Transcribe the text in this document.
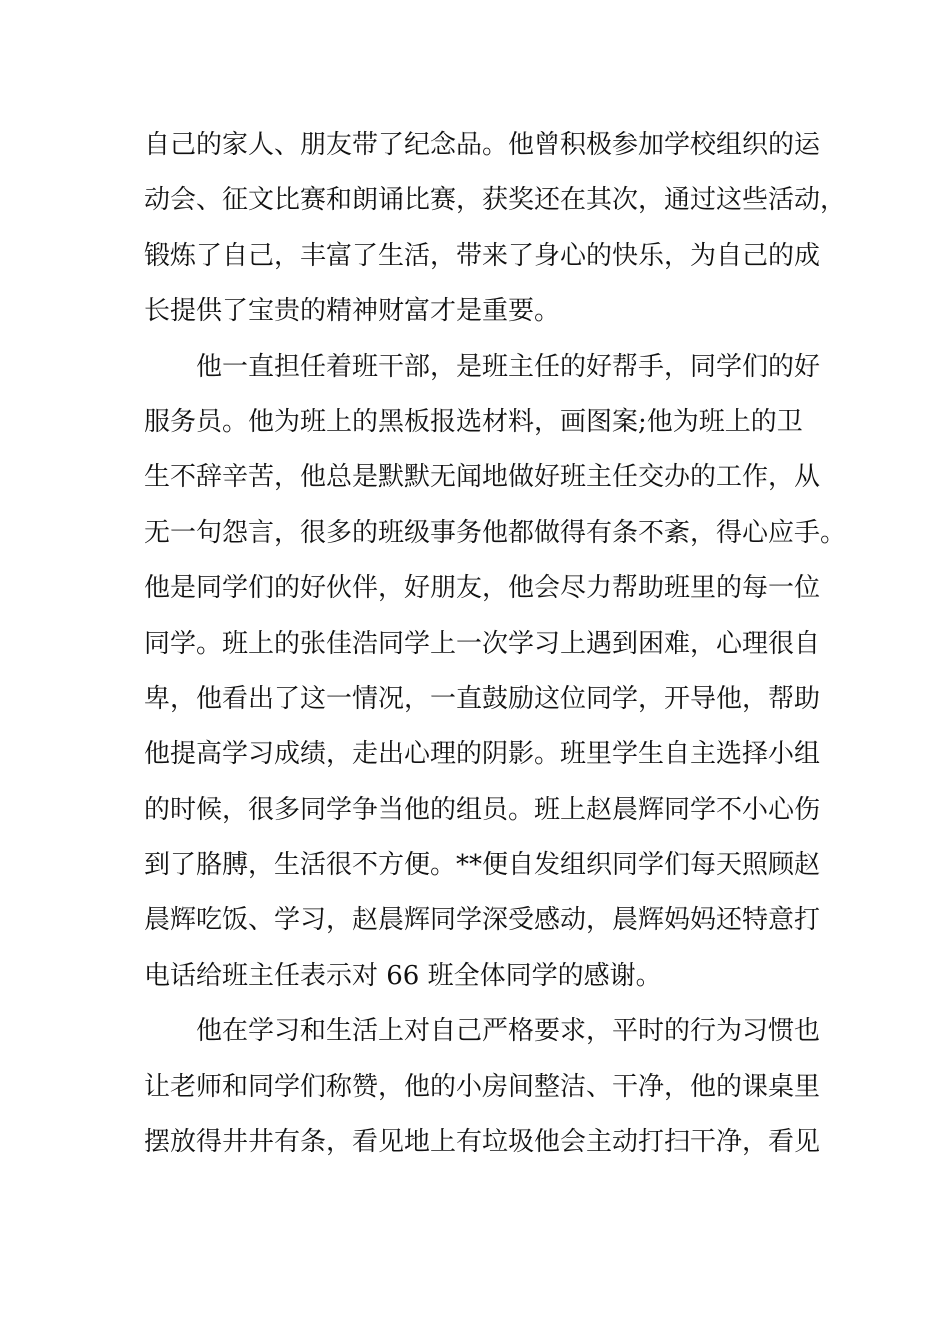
自己的家人、朋友带了纪念品。他曾积极参加学校组织的运
动会、征文比赛和朗诵比赛，获奖还在其次，通过这些活动，
锻炼了自己，丰富了生活，带来了身心的快乐，为自己的成
长提供了宝贵的精神财富才是重要。
　　他一直担任着班干部，是班主任的好帮手，同学们的好
服务员。他为班上的黑板报选材料，画图案;他为班上的卫
生不辞辛苦，他总是默默无闻地做好班主任交办的工作，从
无一句怨言，很多的班级事务他都做得有条不紊，得心应手。
他是同学们的好伙伴，好朋友，他会尽力帮助班里的每一位
同学。班上的张佳浩同学上一次学习上遇到困难，心理很自
卑，他看出了这一情况，一直鼓励这位同学，开导他，帮助
他提高学习成绩，走出心理的阴影。班里学生自主选择小组
的时候，很多同学争当他的组员。班上赵晨辉同学不小心伤
到了胳膊，生活很不方便。**便自发组织同学们每天照顾赵
晨辉吃饭、学习，赵晨辉同学深受感动，晨辉妈妈还特意打
电话给班主任表示对 66 班全体同学的感谢。
　　他在学习和生活上对自己严格要求，平时的行为习惯也
让老师和同学们称赞，他的小房间整洁、干净，他的课桌里
摆放得井井有条，看见地上有垃圾他会主动打扫干净，看见
